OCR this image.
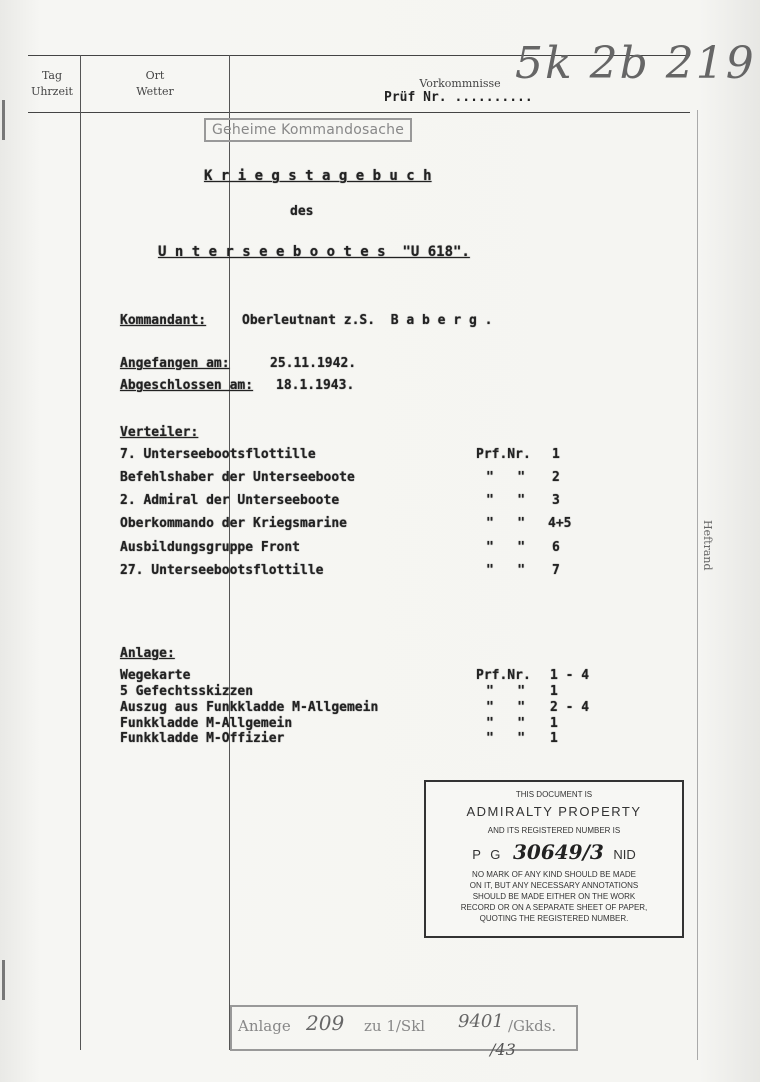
Tag
Uhrzeit
Ort
Wetter
Vorkommnisse
Prüf Nr. ..........
5k 2b 219
Geheime Kommandosache
K r i e g s t a g e b u c h
des
U n t e r s e e b o o t e s  "U 618".
Kommandant:	Oberleutnant z.S.  B a b e r g .
Angefangen am:	25.11.1942.
Abgeschlossen am: 18.1.1943.
Verteiler:
7. Unterseebootsflottille	Prf.Nr. 1
Befehlshaber der Unterseeboote	"   " 2
2. Admiral der Unterseeboote	"   " 3
Oberkommando der Kriegsmarine	"   " 4+5
Ausbildungsgruppe Front	"   " 6
27. Unterseebootsflottille	"   " 7
Anlage:
Wegekarte	Prf.Nr. 1 - 4
5 Gefechtsskizzen	"   " 1
Auszug aus Funkkladde M-Allgemein	"   " 2 - 4
Funkkladde M-Allgemein	"   " 1
Funkkladde M-Offizier	"   " 1
THIS DOCUMENT IS
ADMIRALTY PROPERTY
AND ITS REGISTERED NUMBER IS
P G 30649/3 NID
NO MARK OF ANY KIND SHOULD BE MADE
ON IT, BUT ANY NECESSARY ANNOTATIONS
SHOULD BE MADE EITHER ON THE WORK
RECORD OR ON A SEPARATE SHEET OF PAPER,
QUOTING THE REGISTERED NUMBER.
Anlage 209 zu 1/Skl 9401 /Gkds.
/43
Heftrand
